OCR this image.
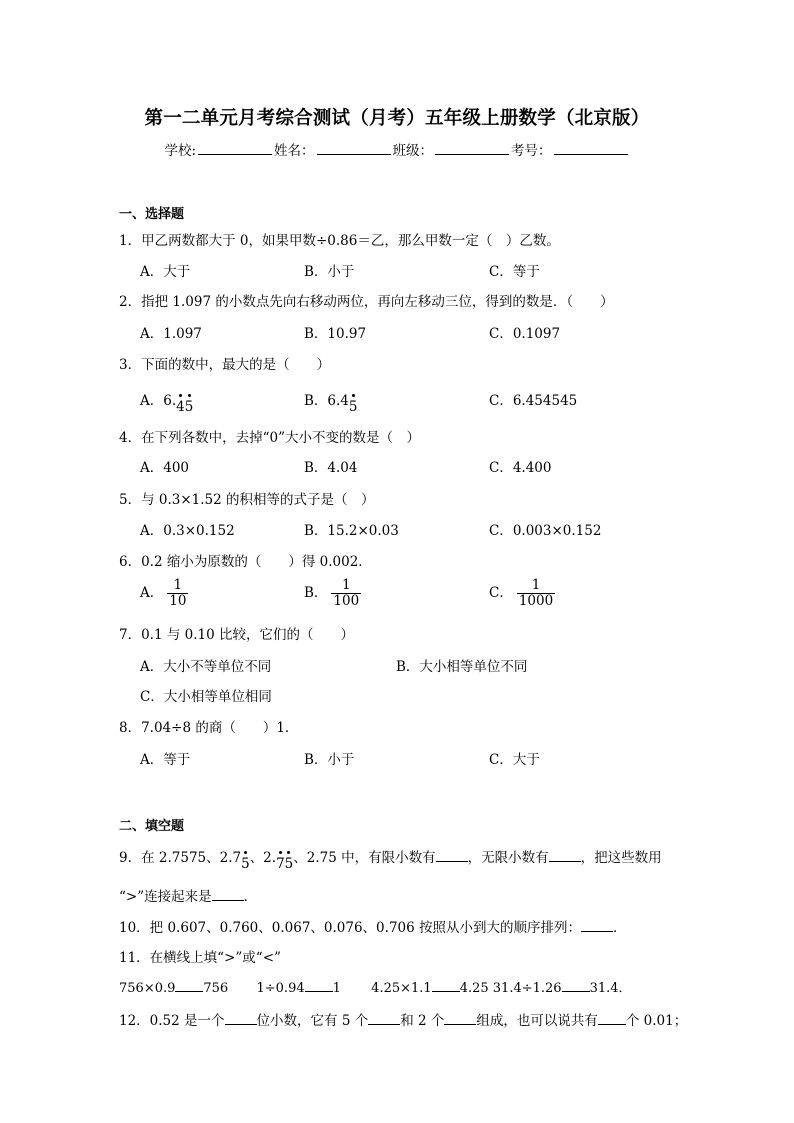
第一二单元月考综合测试（月考）五年级上册数学（北京版）
学校:	姓名：	班级：	考号：
一、选择题
1．甲乙两数都大于 0，如果甲数÷0.86＝乙，那么甲数一定（　）乙数。
A．大于	B．小于	C．等于
2．指把 1.097 的小数点先向右移动两位，再向左移动三位，得到的数是．（　　）
A．1.097	B．10.97	C．0.1097
3．下面的数中，最大的是（　　）
A．6.45	B．6.45	C．6.454545
4．在下列各数中，去掉“0”大小不变的数是（　）
A．400	B．4.04	C．4.400
5．与 0.3×1.52 的积相等的式子是（　）
A．0.3×0.152	B．15.2×0.03	C．0.003×0.152
6．0.2 缩小为原数的（　　）得 0.002．
A． $\frac{1}{10}$	B． $\frac{1}{100}$	C． $\frac{1}{1000}$
7．0.1 与 0.10 比较，它们的（　　）
A．大小不等单位不同	B．大小相等单位不同
C．大小相等单位相同
8．7.04÷8 的商（　　）1．
A．等于	B．小于	C．大于
二、填空题
9．在 2.7575、2.75、2.75、2.75 中，有限小数有 ，无限小数有 ，把这些数用
“>”连接起来是 ．
10．把 0.607、0.760、0.067、0.076、0.706 按照从小到大的顺序排列： ．
11．在横线上填“>”或“<”
756×0.9 756 1÷0.94 1 4.25×1.1 4.25 31.4÷1.26 31.4．
12．0.52 是一个 位小数，它有 5 个 和 2 个 组成，也可以说共有 个 0.01；
